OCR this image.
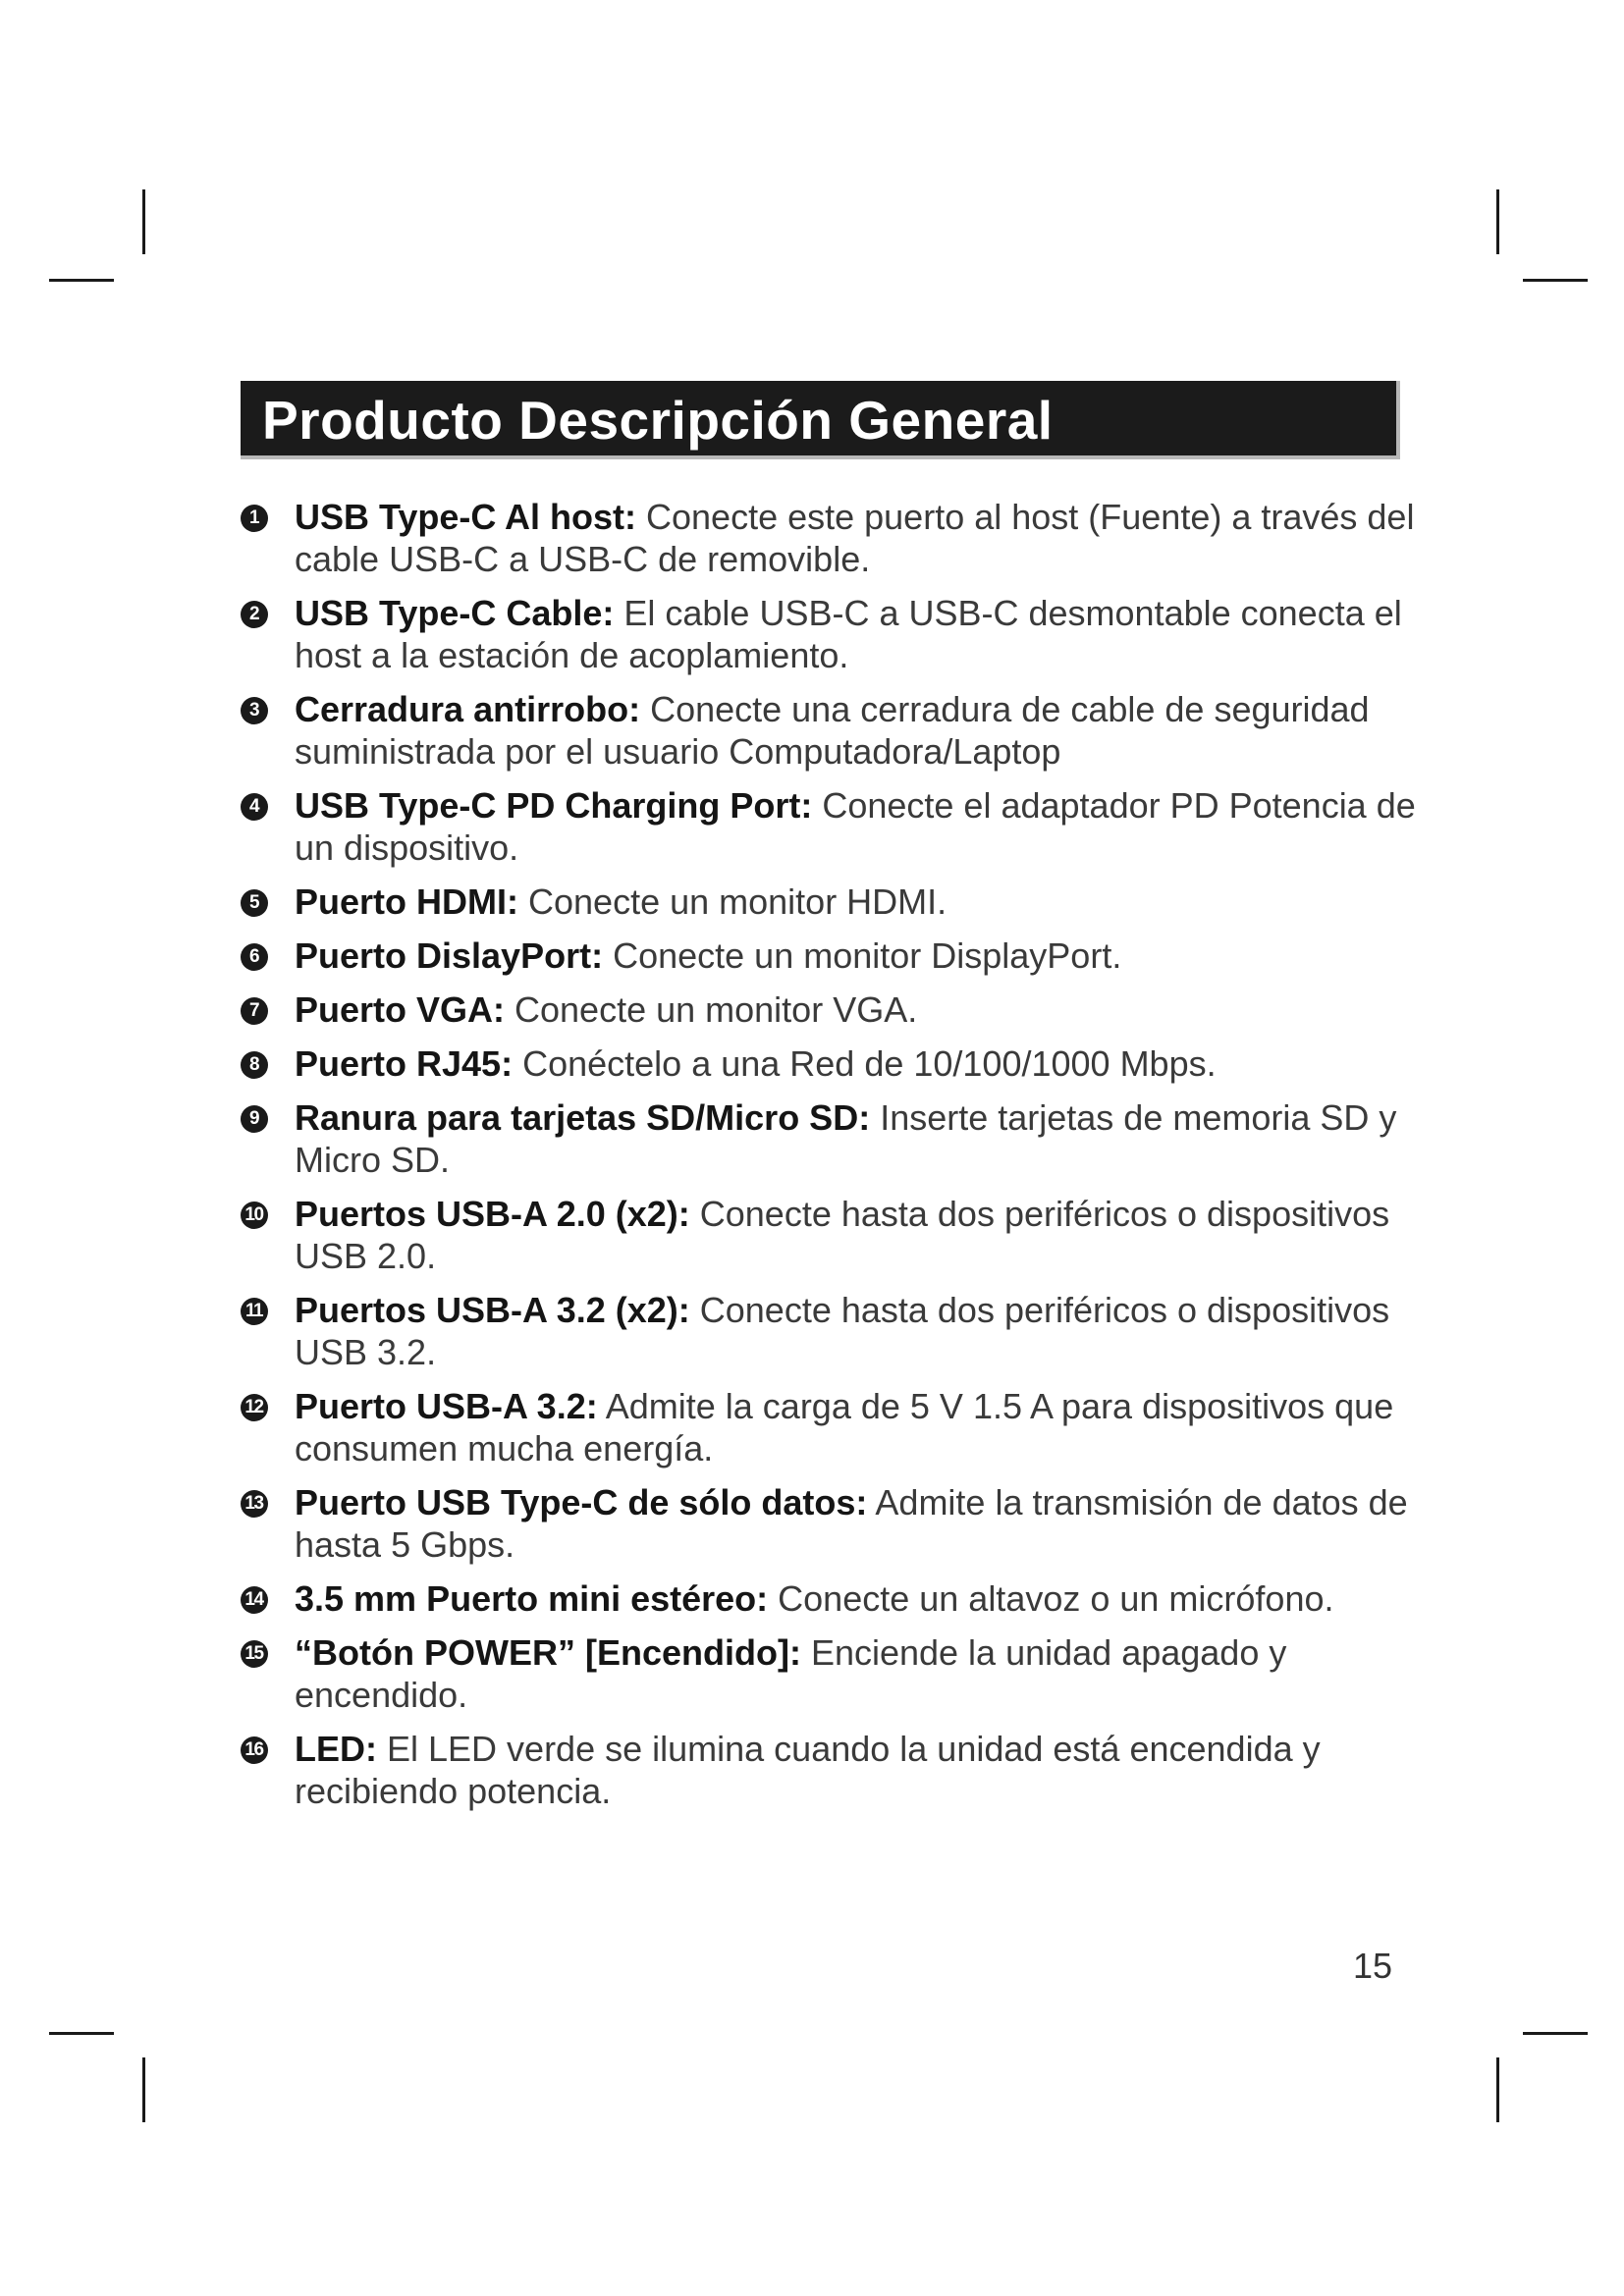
Producto Descripción General
1 USB Type-C Al host: Conecte este puerto al host (Fuente) a través del cable USB-C a USB-C de removible.
2 USB Type-C Cable: El cable USB-C a USB-C desmontable conecta el host a la estación de acoplamiento.
3 Cerradura antirrobo: Conecte una cerradura de cable de seguridad suministrada por el usuario Computadora/Laptop
4 USB Type-C PD Charging Port: Conecte el adaptador PD Potencia de un dispositivo.
5 Puerto HDMI: Conecte un monitor HDMI.
6 Puerto DislayPort: Conecte un monitor DisplayPort.
7 Puerto VGA: Conecte un monitor VGA.
8 Puerto RJ45: Conéctelo a una Red de 10/100/1000 Mbps.
9 Ranura para tarjetas SD/Micro SD: Inserte tarjetas de memoria SD y Micro SD.
10 Puertos USB-A 2.0 (x2): Conecte hasta dos periféricos o dispositivos USB 2.0.
11 Puertos USB-A 3.2 (x2): Conecte hasta dos periféricos o dispositivos USB 3.2.
12 Puerto USB-A 3.2: Admite la carga de 5 V 1.5 A para dispositivos que consumen mucha energía.
13 Puerto USB Type-C de sólo datos: Admite la transmisión de datos de hasta 5 Gbps.
14 3.5 mm Puerto mini estéreo: Conecte un altavoz o un micrófono.
15 “Botón POWER” [Encendido]: Enciende la unidad apagado y encendido.
16 LED: El LED verde se ilumina cuando la unidad está encendida y recibiendo potencia.
15
